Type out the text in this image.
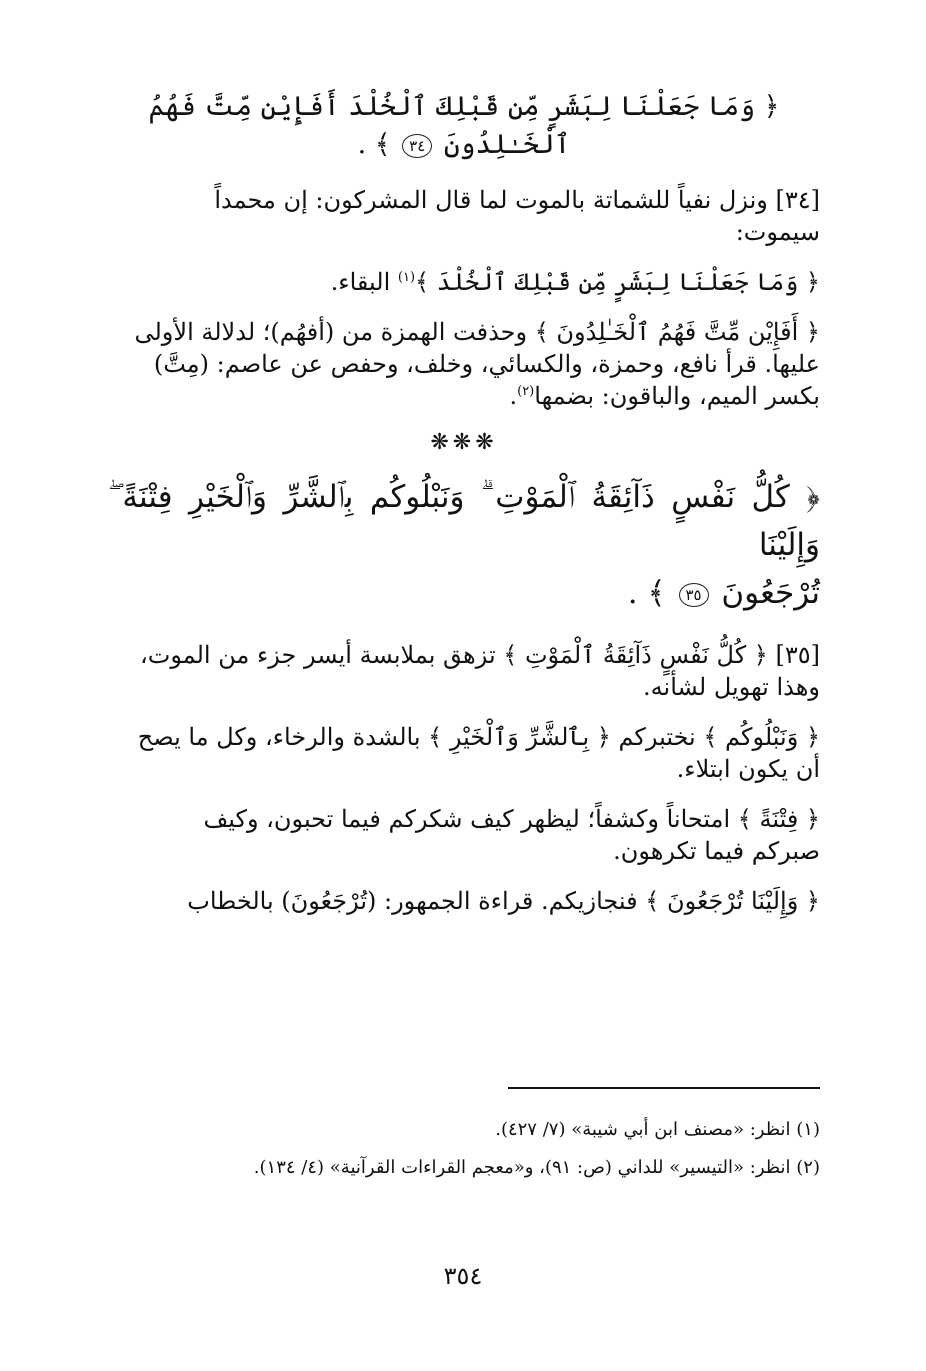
﴿ وَمَا جَعَلْنَا لِبَشَرٍ مِّن قَبْلِكَ ٱلْخُلْدَ أَفَإِيْن مِّتَّ فَهُمُ ٱلْخَـٰلِدُونَ ٣٤ ﴾ .

[٣٤] ونزل نفياً للشماتة بالموت لما قال المشركون: إن محمداً

سيموت:

﴿ وَمَا جَعَلْنَا لِبَشَرٍ مِّن قَبْلِكَ ٱلْخُلْدَ ﴾$^{(١)}$ البقاء.

﴿ أَفَإِيْن مِّتَّ فَهُمُ ٱلْخَـٰلِدُونَ ﴾ وحذفت الهمزة من (أفهُم)؛ لدلالة الأولى

عليها. قرأ نافع، وحمزة، والكسائي، وخلف، وحفص عن عاصم: (مِتَّ)

بكسر الميم، والباقون: بضمها$^{(٢)}$.

❋❋❋

﴿ كُلُّ نَفْسٍ ذَآئِقَةُ ٱلْمَوْتِ ۗ وَنَبْلُوكُم بِٱلشَّرِّ وَٱلْخَيْرِ فِتْنَةً ۖ وَإِلَيْنَا

تُرْجَعُونَ ٣٥ ﴾ .

[٣٥] ﴿ كُلُّ نَفْسٍ ذَآئِقَةُ ٱلْمَوْتِ ﴾ تزهق بملابسة أيسر جزء من الموت،

وهذا تهويل لشأنه.

﴿ وَنَبْلُوكُم ﴾ نختبركم ﴿ بِٱلشَّرِّ وَٱلْخَيْرِ ﴾ بالشدة والرخاء، وكل ما يصح

أن يكون ابتلاء.

﴿ فِتْنَةً ﴾ امتحاناً وكشفاً؛ ليظهر كيف شكركم فيما تحبون، وكيف

صبركم فيما تكرهون.

﴿ وَإِلَيْنَا تُرْجَعُونَ ﴾ فنجازيكم. قراءة الجمهور: (تُرْجَعُونَ) بالخطاب

(١) انظر: «مصنف ابن أبي شيبة» (٧/ ٤٢٧).

(٢) انظر: «التيسير» للداني (ص: ٩١)، و«معجم القراءات القرآنية» (٤/ ١٣٤).

٣٥٤
